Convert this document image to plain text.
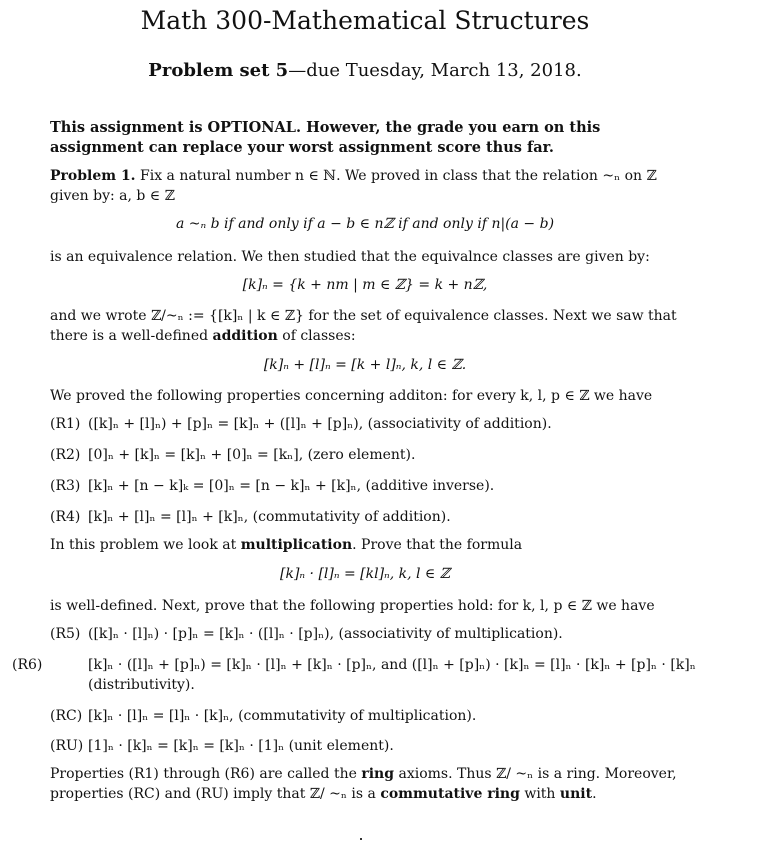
Math 300-Mathematical Structures
Problem set 5—due Tuesday, March 13, 2018.
This assignment is OPTIONAL. However, the grade you earn on this assignment can replace your worst assignment score thus far.
Problem 1. Fix a natural number n ∈ ℕ. We proved in class that the relation ~ₙ on ℤ given by: a, b ∈ ℤ
a ~ₙ b if and only if a − b ∈ nℤ if and only if n|(a − b)
is an equivalence relation. We then studied that the equivalnce classes are given by:
[k]ₙ = {k + nm | m ∈ ℤ} = k + nℤ,
and we wrote ℤ/~ₙ := {[k]ₙ | k ∈ ℤ} for the set of equivalence classes. Next we saw that there is a well-defined addition of classes:
[k]ₙ + [l]ₙ = [k + l]ₙ, k, l ∈ ℤ.
We proved the following properties concerning additon: for every k, l, p ∈ ℤ we have
(R1) ([k]ₙ + [l]ₙ) + [p]ₙ = [k]ₙ + ([l]ₙ + [p]ₙ), (associativity of addition).
(R2) [0]ₙ + [k]ₙ = [k]ₙ + [0]ₙ = [kₙ], (zero element).
(R3) [k]ₙ + [n − k]ₖ = [0]ₙ = [n − k]ₙ + [k]ₙ, (additive inverse).
(R4) [k]ₙ + [l]ₙ = [l]ₙ + [k]ₙ, (commutativity of addition).
In this problem we look at multiplication. Prove that the formula
[k]ₙ · [l]ₙ = [kl]ₙ, k, l ∈ ℤ
is well-defined. Next, prove that the following properties hold: for k, l, p ∈ ℤ we have
(R5) ([k]ₙ · [l]ₙ) · [p]ₙ = [k]ₙ · ([l]ₙ · [p]ₙ), (associativity of multiplication).
(R6)	[k]ₙ · ([l]ₙ + [p]ₙ) = [k]ₙ · [l]ₙ + [k]ₙ · [p]ₙ, and ([l]ₙ + [p]ₙ) · [k]ₙ = [l]ₙ · [k]ₙ + [p]ₙ · [k]ₙ (distributivity).
(RC) [k]ₙ · [l]ₙ = [l]ₙ · [k]ₙ, (commutativity of multiplication).
(RU) [1]ₙ · [k]ₙ = [k]ₙ = [k]ₙ · [1]ₙ (unit element).
Properties (R1) through (R6) are called the ring axioms. Thus ℤ/ ~ₙ is a ring. Moreover, properties (RC) and (RU) imply that ℤ/ ~ₙ is a commutative ring with unit.
